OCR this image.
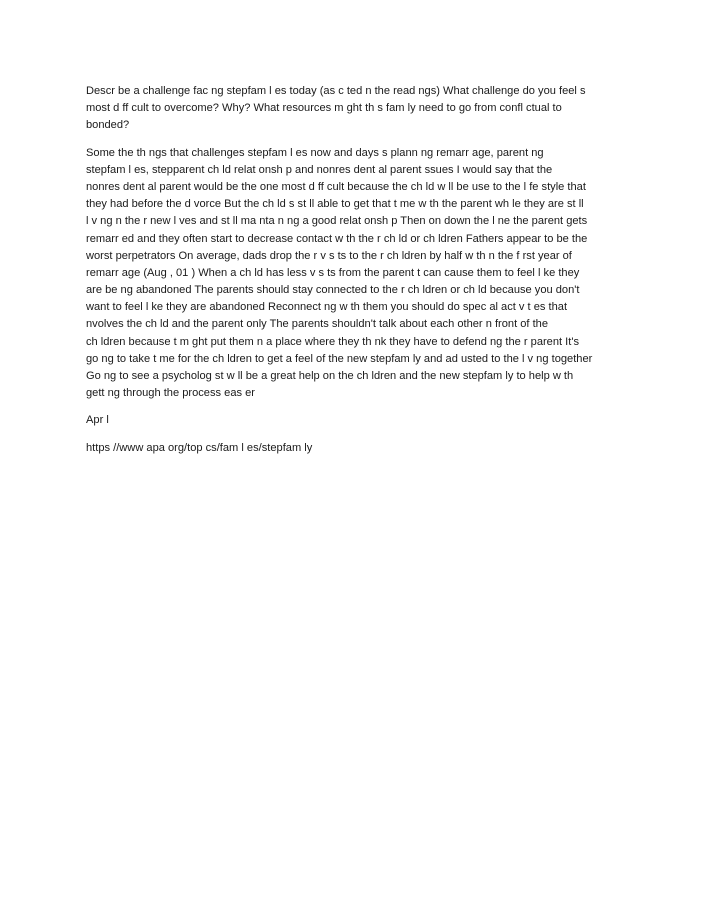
Descr be a challenge fac ng stepfam l es today (as c ted n the read ngs) What challenge do you feel s
most d ff cult to overcome? Why? What resources m ght th s fam ly need to go from confl ctual to
bonded?
Some the th ngs that challenges stepfam l es now and days s plann ng remarr age, parent ng
stepfam l es, stepparent ch ld relat onsh p and nonres dent al parent ssues I would say that the
nonres dent al parent would be the one most d ff cult because the ch ld w ll be use to the l fe style that
they had before the d vorce But the ch ld s st ll able to get that t me w th the parent wh le they are st ll
l v ng n the r new l ves and st ll ma nta n ng a good relat onsh p Then on down the l ne the parent gets
remarr ed and they often start to decrease contact w th the r ch ld or ch ldren Fathers appear to be the
worst perpetrators On average, dads drop the r v s ts to the r ch ldren by half w th n the f rst year of
remarr age (Aug , 01 ) When a ch ld has less v s ts from the parent t can cause them to feel l ke they
are be ng abandoned The parents should stay connected to the r ch ldren or ch ld because you don't
want to feel l ke they are abandoned Reconnect ng w th them you should do spec al act v t es that
nvolves the ch ld and the parent only The parents shouldn't talk about each other n front of the
ch ldren because t m ght put them n a place where they th nk they have to defend ng the r parent It's
go ng to take t me for the ch ldren to get a feel of the new stepfam ly and ad usted to the l v ng together
Go ng to see a psycholog st w ll be a great help on the ch ldren and the new stepfam ly to help w th
gett ng through the process eas er
Apr l
https //www apa org/top cs/fam l es/stepfam ly
